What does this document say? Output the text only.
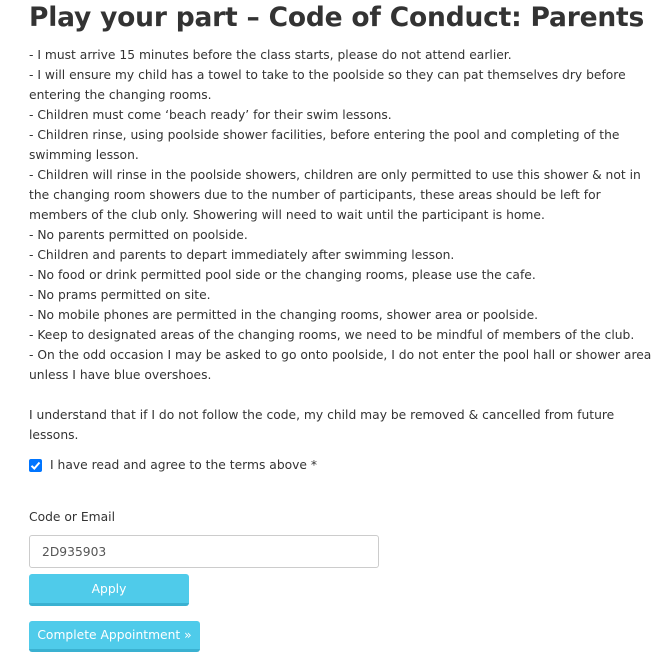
Play your part – Code of Conduct: Parents
- I must arrive 15 minutes before the class starts, please do not attend earlier.
- I will ensure my child has a towel to take to the poolside so they can pat themselves dry before entering the changing rooms.
- Children must come ‘beach ready’ for their swim lessons.
- Children rinse, using poolside shower facilities, before entering the pool and completing of the swimming lesson.
- Children will rinse in the poolside showers, children are only permitted to use this shower & not in the changing room showers due to the number of participants, these areas should be left for members of the club only. Showering will need to wait until the participant is home.
- No parents permitted on poolside.
- Children and parents to depart immediately after swimming lesson.
- No food or drink permitted pool side or the changing rooms, please use the cafe.
- No prams permitted on site.
- No mobile phones are permitted in the changing rooms, shower area or poolside.
- Keep to designated areas of the changing rooms, we need to be mindful of members of the club.
- On the odd occasion I may be asked to go onto poolside, I do not enter the pool hall or shower area unless I have blue overshoes.
I understand that if I do not follow the code, my child may be removed & cancelled from future lessons.
I have read and agree to the terms above *
Code or Email
2D935903
Apply
Complete Appointment »
